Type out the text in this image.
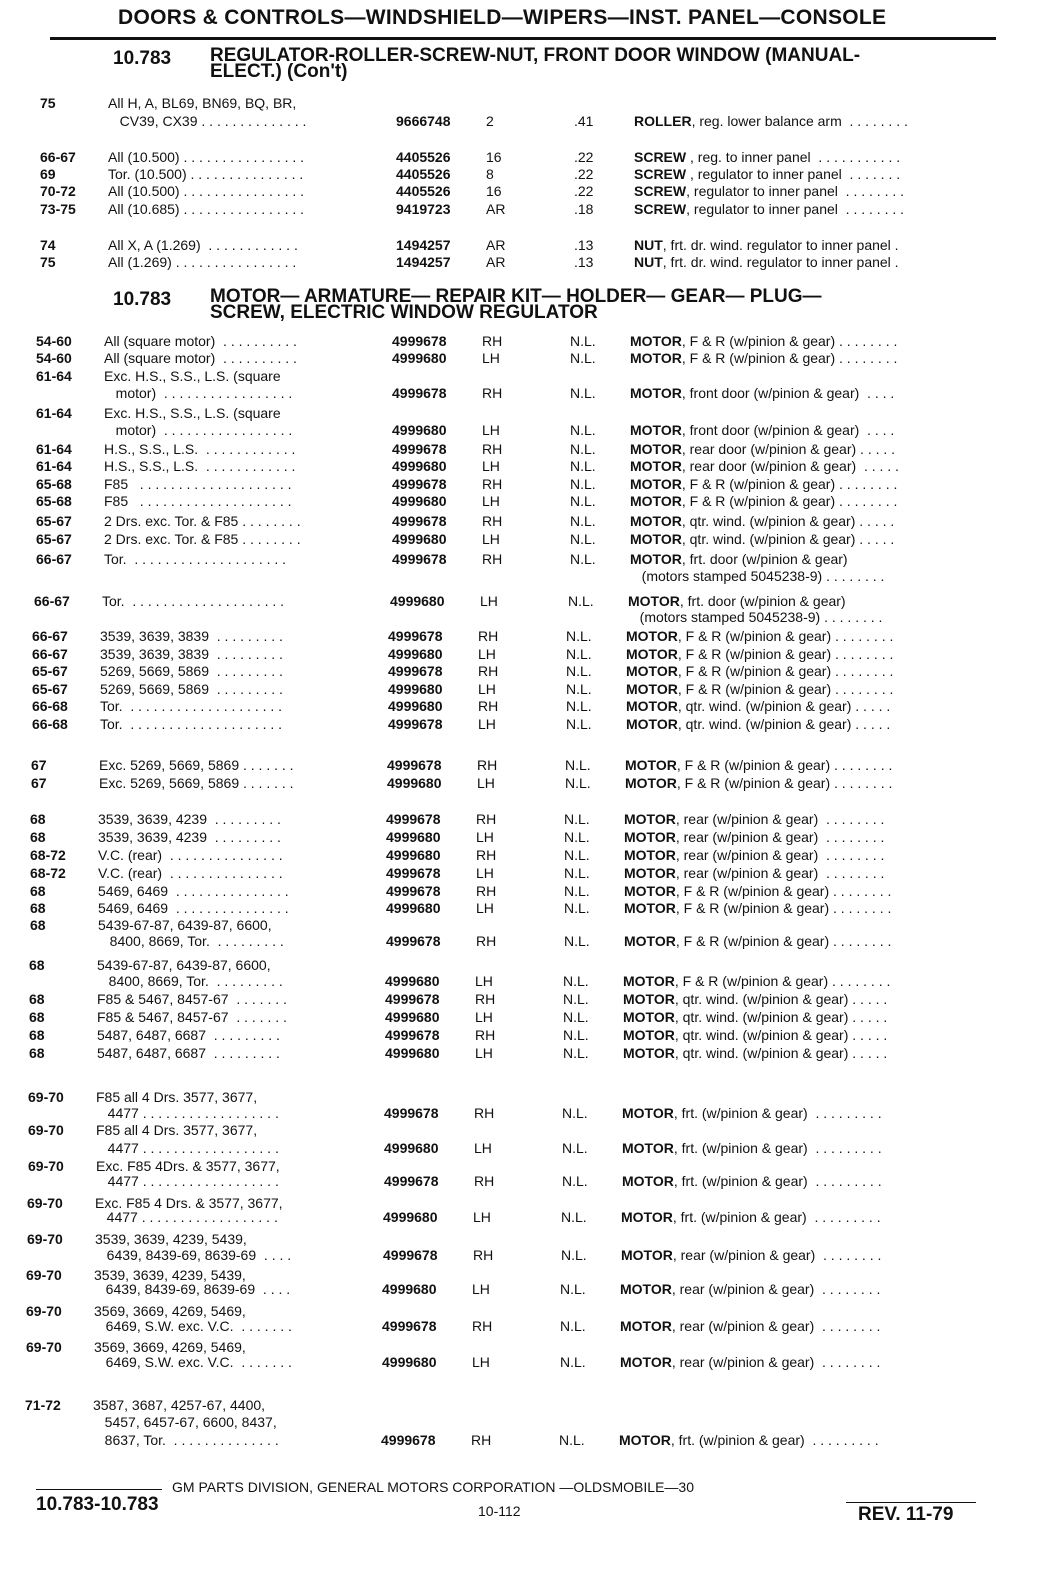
DOORS & CONTROLS—WINDSHIELD—WIPERS—INST. PANEL—CONSOLE
10.783 REGULATOR-ROLLER-SCREW-NUT, FRONT DOOR WINDOW (MANUAL-
ELECT.) (Con't)
10.783 MOTOR— ARMATURE— REPAIR KIT— HOLDER— GEAR— PLUG—
SCREW, ELECTRIC WINDOW REGULATOR
75	All H, A, BL69, BN69, BQ, BR,
CV39, CX39 . . . . . . . . . . . . . .	9666748	2	.41	ROLLER, reg. lower balance arm  . . . . . . . .
66-67 All (10.500) . . . . . . . . . . . . . . . .	4405526	16	.22	SCREW , reg. to inner panel  . . . . . . . . . . .
69	Tor. (10.500) . . . . . . . . . . . . . . .	4405526	8	.22	SCREW , regulator to inner panel  . . . . . . .
70-72 All (10.500) . . . . . . . . . . . . . . . .	4405526	16	.22	SCREW, regulator to inner panel  . . . . . . . .
73-75 All (10.685) . . . . . . . . . . . . . . . .	9419723	AR	.18	SCREW, regulator to inner panel  . . . . . . . .
74	All X, A (1.269)  . . . . . . . . . . . .	1494257	AR	.13	NUT, frt. dr. wind. regulator to inner panel .
75	All (1.269) . . . . . . . . . . . . . . . .	1494257	AR	.13	NUT, frt. dr. wind. regulator to inner panel .
54-60 All (square motor)  . . . . . . . . . .	4999678	RH	N.L. MOTOR, F & R (w/pinion & gear) . . . . . . . .
54-60 All (square motor)  . . . . . . . . . .	4999680	LH	N.L. MOTOR, F & R (w/pinion & gear) . . . . . . . .
61-64 Exc. H.S., S.S., L.S. (square
motor)  . . . . . . . . . . . . . . . . .	4999678	RH	N.L. MOTOR, front door (w/pinion & gear)  . . . .
61-64 Exc. H.S., S.S., L.S. (square
motor)  . . . . . . . . . . . . . . . . .	4999680	LH	N.L. MOTOR, front door (w/pinion & gear)  . . . .
61-64 H.S., S.S., L.S.  . . . . . . . . . . . .	4999678	RH	N.L. MOTOR, rear door (w/pinion & gear) . . . . .
61-64 H.S., S.S., L.S.  . . . . . . . . . . . .	4999680	LH	N.L. MOTOR, rear door (w/pinion & gear)  . . . . .
65-68 F85   . . . . . . . . . . . . . . . . . . . .	4999678	RH	N.L. MOTOR, F & R (w/pinion & gear) . . . . . . . .
65-68 F85   . . . . . . . . . . . . . . . . . . . .	4999680	LH	N.L. MOTOR, F & R (w/pinion & gear) . . . . . . . .
65-67 2 Drs. exc. Tor. & F85 . . . . . . . .	4999678	RH	N.L. MOTOR, qtr. wind. (w/pinion & gear) . . . . .
65-67 2 Drs. exc. Tor. & F85 . . . . . . . .	4999680	LH	N.L. MOTOR, qtr. wind. (w/pinion & gear) . . . . .
66-67 Tor.  . . . . . . . . . . . . . . . . . . . .	4999678	RH	N.L. MOTOR, frt. door (w/pinion & gear)
(motors stamped 5045238-9) . . . . . . . .
66-67 Tor.  . . . . . . . . . . . . . . . . . . . .	4999680	LH	N.L. MOTOR, frt. door (w/pinion & gear)
(motors stamped 5045238-9) . . . . . . . .
66-67 3539, 3639, 3839  . . . . . . . . .	4999678	RH	N.L. MOTOR, F & R (w/pinion & gear) . . . . . . . .
66-67 3539, 3639, 3839  . . . . . . . . .	4999680	LH	N.L. MOTOR, F & R (w/pinion & gear) . . . . . . . .
65-67 5269, 5669, 5869  . . . . . . . . .	4999678	RH	N.L. MOTOR, F & R (w/pinion & gear) . . . . . . . .
65-67 5269, 5669, 5869  . . . . . . . . .	4999680	LH	N.L. MOTOR, F & R (w/pinion & gear) . . . . . . . .
66-68 Tor.  . . . . . . . . . . . . . . . . . . . .	4999680	RH	N.L. MOTOR, qtr. wind. (w/pinion & gear) . . . . .
66-68 Tor.  . . . . . . . . . . . . . . . . . . . .	4999678	LH	N.L. MOTOR, qtr. wind. (w/pinion & gear) . . . . .
67	Exc. 5269, 5669, 5869 . . . . . . .	4999678	RH	N.L. MOTOR, F & R (w/pinion & gear) . . . . . . . .
67	Exc. 5269, 5669, 5869 . . . . . . .	4999680	LH	N.L. MOTOR, F & R (w/pinion & gear) . . . . . . . .
68	3539, 3639, 4239  . . . . . . . . .	4999678	RH	N.L. MOTOR, rear (w/pinion & gear)  . . . . . . . .
68	3539, 3639, 4239  . . . . . . . . .	4999680	LH	N.L. MOTOR, rear (w/pinion & gear)  . . . . . . . .
68-72 V.C. (rear)  . . . . . . . . . . . . . . .	4999680	RH	N.L. MOTOR, rear (w/pinion & gear)  . . . . . . . .
68-72 V.C. (rear)  . . . . . . . . . . . . . . .	4999678	LH	N.L. MOTOR, rear (w/pinion & gear)  . . . . . . . .
68	5469, 6469  . . . . . . . . . . . . . . .	4999678	RH	N.L. MOTOR, F & R (w/pinion & gear) . . . . . . . .
68	5469, 6469  . . . . . . . . . . . . . . .	4999680	LH	N.L. MOTOR, F & R (w/pinion & gear) . . . . . . . .
68	5439-67-87, 6439-87, 6600,
8400, 8669, Tor.  . . . . . . . . .	4999678	RH	N.L. MOTOR, F & R (w/pinion & gear) . . . . . . . .
68	5439-67-87, 6439-87, 6600,
8400, 8669, Tor.  . . . . . . . . .	4999680	LH	N.L. MOTOR, F & R (w/pinion & gear) . . . . . . . .
68	F85 & 5467, 8457-67  . . . . . . .	4999678	RH	N.L. MOTOR, qtr. wind. (w/pinion & gear) . . . . .
68	F85 & 5467, 8457-67  . . . . . . .	4999680	LH	N.L. MOTOR, qtr. wind. (w/pinion & gear) . . . . .
68	5487, 6487, 6687  . . . . . . . . .	4999678	RH	N.L. MOTOR, qtr. wind. (w/pinion & gear) . . . . .
68	5487, 6487, 6687  . . . . . . . . .	4999680	LH	N.L. MOTOR, qtr. wind. (w/pinion & gear) . . . . .
69-70 F85 all 4 Drs. 3577, 3677,
4477 . . . . . . . . . . . . . . . . . .	4999678	RH	N.L. MOTOR, frt. (w/pinion & gear)  . . . . . . . . .
69-70 F85 all 4 Drs. 3577, 3677,
4477 . . . . . . . . . . . . . . . . . .	4999680	LH	N.L. MOTOR, frt. (w/pinion & gear)  . . . . . . . . .
69-70 Exc. F85 4Drs. & 3577, 3677,
4477 . . . . . . . . . . . . . . . . . .	4999678	RH	N.L. MOTOR, frt. (w/pinion & gear)  . . . . . . . . .
69-70 Exc. F85 4 Drs. & 3577, 3677,
4477 . . . . . . . . . . . . . . . . . .	4999680	LH	N.L. MOTOR, frt. (w/pinion & gear)  . . . . . . . . .
69-70 3539, 3639, 4239, 5439,
6439, 8439-69, 8639-69  . . . .	4999678	RH	N.L. MOTOR, rear (w/pinion & gear)  . . . . . . . .
69-70 3539, 3639, 4239, 5439,
6439, 8439-69, 8639-69  . . . .	4999680	LH	N.L. MOTOR, rear (w/pinion & gear)  . . . . . . . .
69-70 3569, 3669, 4269, 5469,
6469, S.W. exc. V.C.  . . . . . . .	4999678	RH	N.L. MOTOR, rear (w/pinion & gear)  . . . . . . . .
69-70 3569, 3669, 4269, 5469,
6469, S.W. exc. V.C.  . . . . . . .	4999680	LH	N.L. MOTOR, rear (w/pinion & gear)  . . . . . . . .
71-72 3587, 3687, 4257-67, 4400,
5457, 6457-67, 6600, 8437,
8637, Tor.  . . . . . . . . . . . . . .	4999678	RH	N.L. MOTOR, frt. (w/pinion & gear)  . . . . . . . . .
GM PARTS DIVISION, GENERAL MOTORS CORPORATION —OLDSMOBILE—30
10.783-10.783	10-112	REV. 11-79
